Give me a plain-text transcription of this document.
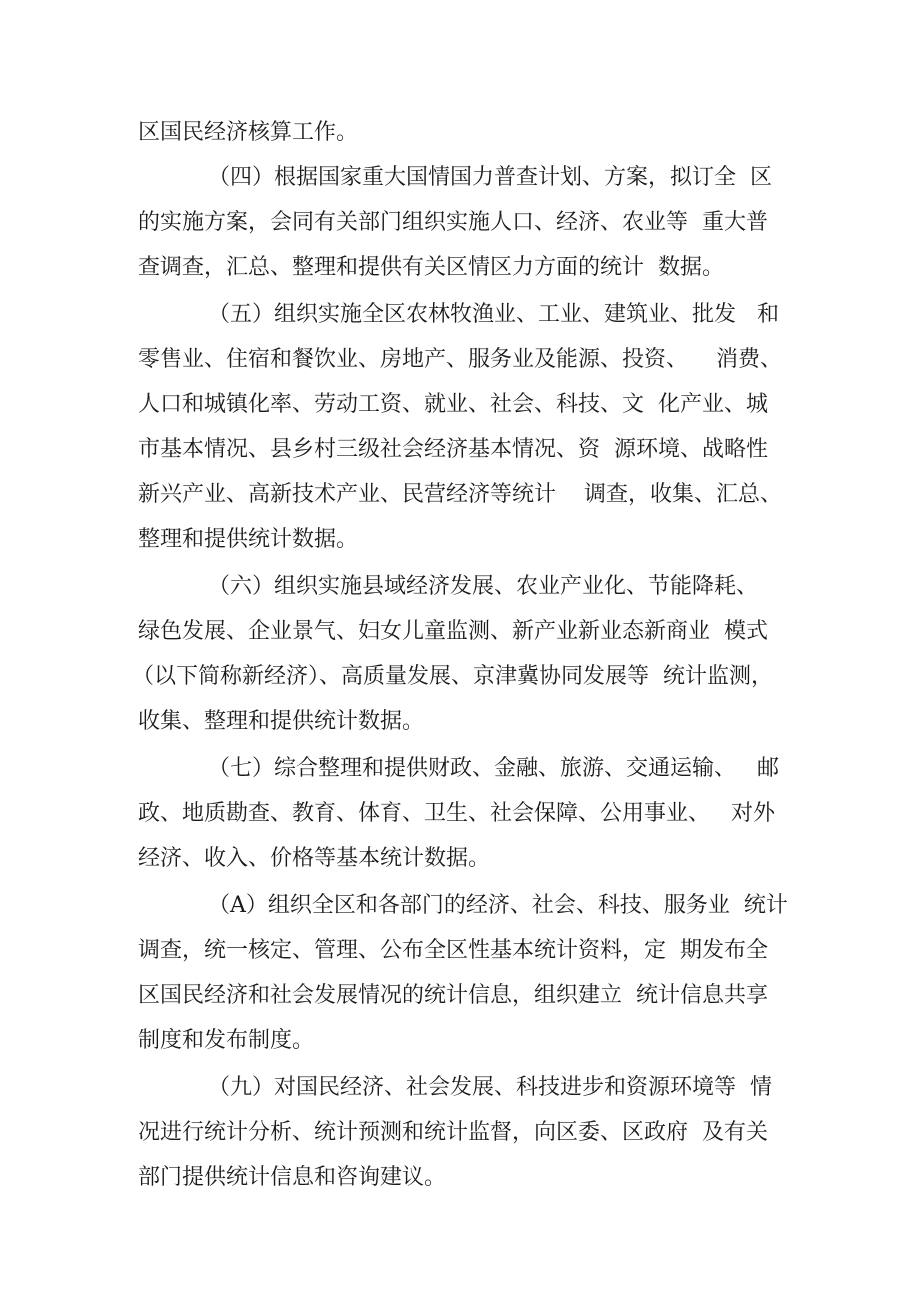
区国民经济核算工作。
（四）根据国家重大国情国力普查计划、方案，拟订全  区
的实施方案，会同有关部门组织实施人口、经济、农业等  重大普
查调查，汇总、整理和提供有关区情区力方面的统计  数据。
（五）组织实施全区农林牧渔业、工业、建筑业、批发   和
零售业、住宿和餐饮业、房地产、服务业及能源、投资、    消费、
人口和城镇化率、劳动工资、就业、社会、科技、文  化产业、城
市基本情况、县乡村三级社会经济基本情况、资  源环境、战略性
新兴产业、高新技术产业、民营经济等统计    调查，收集、汇总、
整理和提供统计数据。
（六）组织实施县域经济发展、农业产业化、节能降耗、
绿色发展、企业景气、妇女儿童监测、新产业新业态新商业  模式
（以下简称新经济）、高质量发展、京津冀协同发展等  统计监测，
收集、整理和提供统计数据。
（七）综合整理和提供财政、金融、旅游、交通运输、   邮
政、地质勘查、教育、体育、卫生、社会保障、公用事业、   对外
经济、收入、价格等基本统计数据。
（A）组织全区和各部门的经济、社会、科技、服务业  统计
调查，统一核定、管理、公布全区性基本统计资料，定  期发布全
区国民经济和社会发展情况的统计信息，组织建立  统计信息共享
制度和发布制度。
（九）对国民经济、社会发展、科技进步和资源环境等  情
况进行统计分析、统计预测和统计监督，向区委、区政府  及有关
部门提供统计信息和咨询建议。
